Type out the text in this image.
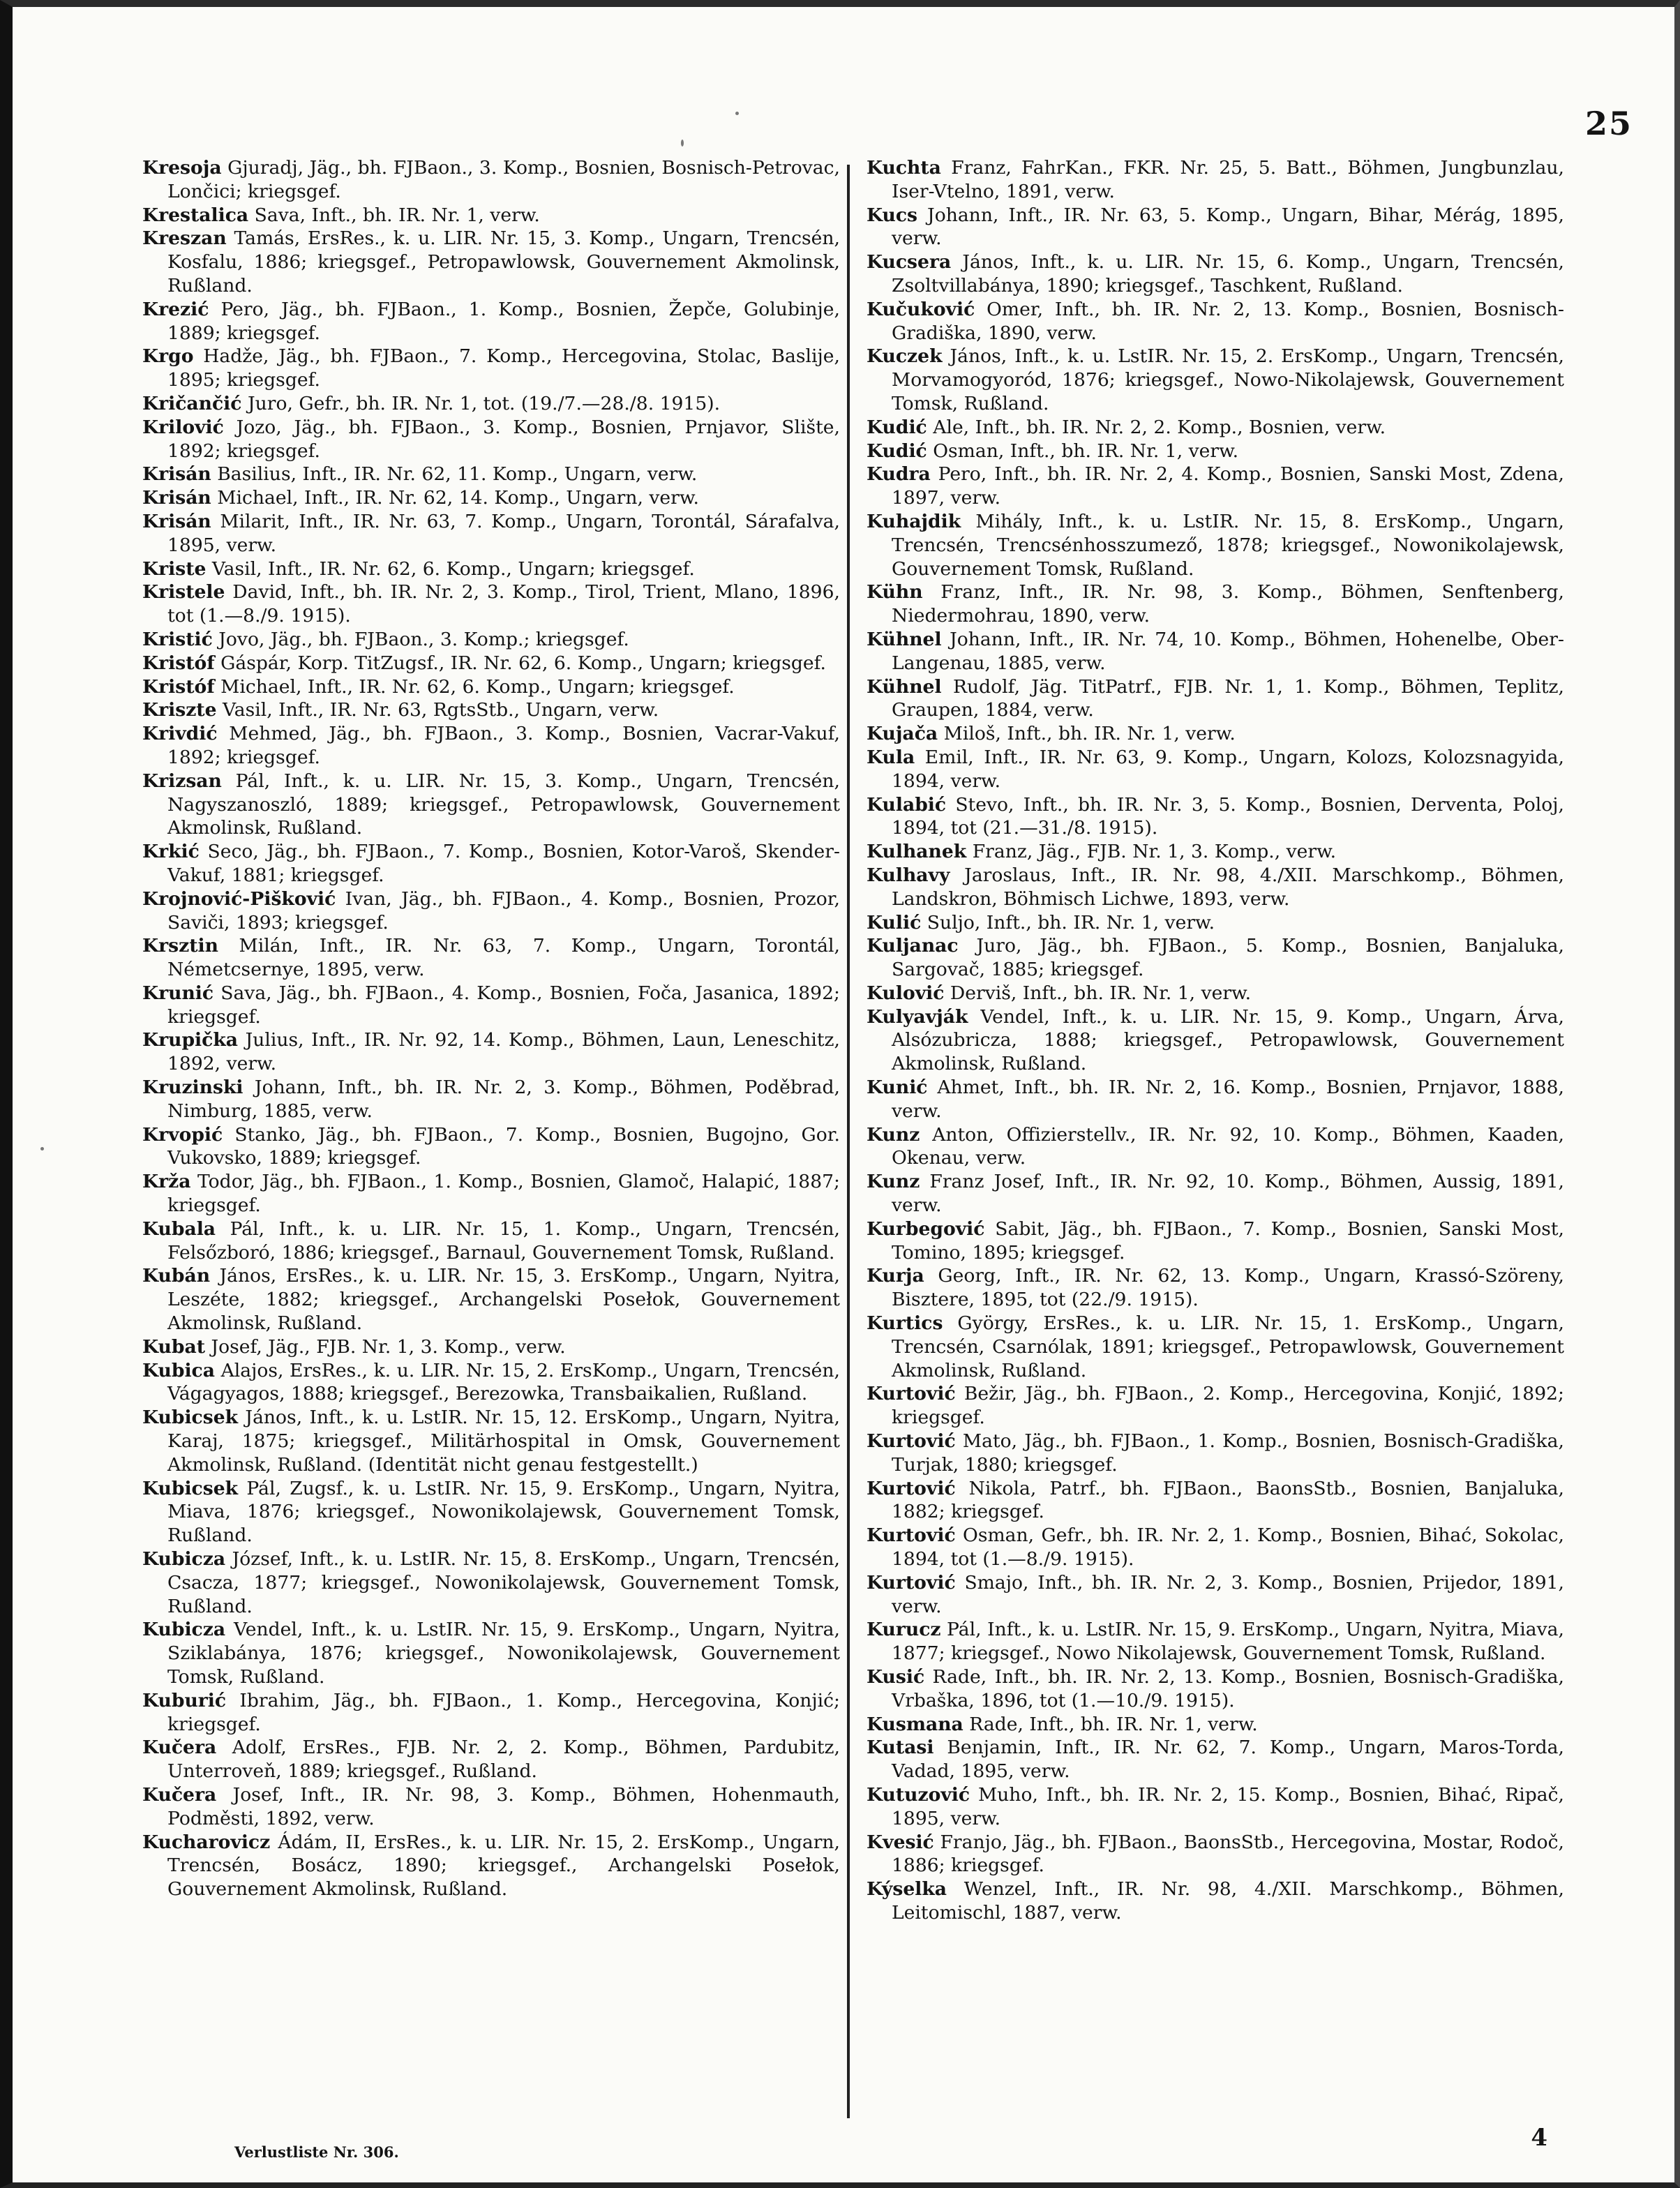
25

Kresoja Gjuradj, Jäg., bh. FJBaon., 3. Komp., Bosnien, Bosnisch-Petrovac, Lončici; kriegsgef.

Krestalica Sava, Inft., bh. IR. Nr. 1, verw.

Kreszan Tamás, ErsRes., k. u. LIR. Nr. 15, 3. Komp., Ungarn, Trencsén, Kosfalu, 1886; kriegsgef., Petropawlowsk, Gouvernement Akmolinsk, Rußland.

Krezić Pero, Jäg., bh. FJBaon., 1. Komp., Bosnien, Žepče, Golubinje, 1889; kriegsgef.

Krgo Hadže, Jäg., bh. FJBaon., 7. Komp., Hercegovina, Stolac, Baslije, 1895; kriegsgef.

Kričančić Juro, Gefr., bh. IR. Nr. 1, tot. (19./7.—28./8. 1915).

Krilović Jozo, Jäg., bh. FJBaon., 3. Komp., Bosnien, Prnjavor, Slište, 1892; kriegsgef.

Krisán Basilius, Inft., IR. Nr. 62, 11. Komp., Ungarn, verw.

Krisán Michael, Inft., IR. Nr. 62, 14. Komp., Ungarn, verw.

Krisán Milarit, Inft., IR. Nr. 63, 7. Komp., Ungarn, Torontál, Sárafalva, 1895, verw.

Kriste Vasil, Inft., IR. Nr. 62, 6. Komp., Ungarn; kriegsgef.

Kristele David, Inft., bh. IR. Nr. 2, 3. Komp., Tirol, Trient, Mlano, 1896, tot (1.—8./9. 1915).

Kristić Jovo, Jäg., bh. FJBaon., 3. Komp.; kriegsgef.

Kristóf Gáspár, Korp. TitZugsf., IR. Nr. 62, 6. Komp., Ungarn; kriegsgef.

Kristóf Michael, Inft., IR. Nr. 62, 6. Komp., Ungarn; kriegsgef.

Kriszte Vasil, Inft., IR. Nr. 63, RgtsStb., Ungarn, verw.

Krivdić Mehmed, Jäg., bh. FJBaon., 3. Komp., Bosnien, Vacrar-Vakuf, 1892; kriegsgef.

Krizsan Pál, Inft., k. u. LIR. Nr. 15, 3. Komp., Ungarn, Trencsén, Nagyszanoszló, 1889; kriegsgef., Petropawlowsk, Gouvernement Akmolinsk, Rußland.

Krkić Seco, Jäg., bh. FJBaon., 7. Komp., Bosnien, Kotor-Varoš, Skender-Vakuf, 1881; kriegsgef.

Krojnović-Pišković Ivan, Jäg., bh. FJBaon., 4. Komp., Bosnien, Prozor, Saviči, 1893; kriegsgef.

Krsztin Milán, Inft., IR. Nr. 63, 7. Komp., Ungarn, Torontál, Németcsernye, 1895, verw.

Krunić Sava, Jäg., bh. FJBaon., 4. Komp., Bosnien, Foča, Jasanica, 1892; kriegsgef.

Krupička Julius, Inft., IR. Nr. 92, 14. Komp., Böhmen, Laun, Leneschitz, 1892, verw.

Kruzinski Johann, Inft., bh. IR. Nr. 2, 3. Komp., Böhmen, Poděbrad, Nimburg, 1885, verw.

Krvopić Stanko, Jäg., bh. FJBaon., 7. Komp., Bosnien, Bugojno, Gor. Vukovsko, 1889; kriegsgef.

Krža Todor, Jäg., bh. FJBaon., 1. Komp., Bosnien, Glamoč, Halapić, 1887; kriegsgef.

Kubala Pál, Inft., k. u. LIR. Nr. 15, 1. Komp., Ungarn, Trencsén, Felsőzboró, 1886; kriegsgef., Barnaul, Gouvernement Tomsk, Rußland.

Kubán János, ErsRes., k. u. LIR. Nr. 15, 3. ErsKomp., Ungarn, Nyitra, Leszéte, 1882; kriegsgef., Archangelski Posełok, Gouvernement Akmolinsk, Rußland.

Kubat Josef, Jäg., FJB. Nr. 1, 3. Komp., verw.

Kubica Alajos, ErsRes., k. u. LIR. Nr. 15, 2. ErsKomp., Ungarn, Trencsén, Vágagyagos, 1888; kriegsgef., Berezowka, Transbaikalien, Rußland.

Kubicsek János, Inft., k. u. LstIR. Nr. 15, 12. ErsKomp., Ungarn, Nyitra, Karaj, 1875; kriegsgef., Militärhospital in Omsk, Gouvernement Akmolinsk, Rußland. (Identität nicht genau festgestellt.)

Kubicsek Pál, Zugsf., k. u. LstIR. Nr. 15, 9. ErsKomp., Ungarn, Nyitra, Miava, 1876; kriegsgef., Nowonikolajewsk, Gouvernement Tomsk, Rußland.

Kubicza József, Inft., k. u. LstIR. Nr. 15, 8. ErsKomp., Ungarn, Trencsén, Csacza, 1877; kriegsgef., Nowonikolajewsk, Gouvernement Tomsk, Rußland.

Kubicza Vendel, Inft., k. u. LstIR. Nr. 15, 9. ErsKomp., Ungarn, Nyitra, Sziklabánya, 1876; kriegsgef., Nowonikolajewsk, Gouvernement Tomsk, Rußland.

Kuburić Ibrahim, Jäg., bh. FJBaon., 1. Komp., Hercegovina, Konjić; kriegsgef.

Kučera Adolf, ErsRes., FJB. Nr. 2, 2. Komp., Böhmen, Pardubitz, Unterroveň, 1889; kriegsgef., Rußland.

Kučera Josef, Inft., IR. Nr. 98, 3. Komp., Böhmen, Hohenmauth, Podměsti, 1892, verw.

Kucharovicz Ádám, II, ErsRes., k. u. LIR. Nr. 15, 2. ErsKomp., Ungarn, Trencsén, Bosácz, 1890; kriegsgef., Archangelski Posełok, Gouvernement Akmolinsk, Rußland.

Kuchta Franz, FahrKan., FKR. Nr. 25, 5. Batt., Böhmen, Jungbunzlau, Iser-Vtelno, 1891, verw.

Kucs Johann, Inft., IR. Nr. 63, 5. Komp., Ungarn, Bihar, Mérág, 1895, verw.

Kucsera János, Inft., k. u. LIR. Nr. 15, 6. Komp., Ungarn, Trencsén, Zsoltvillabánya, 1890; kriegsgef., Taschkent, Rußland.

Kučuković Omer, Inft., bh. IR. Nr. 2, 13. Komp., Bosnien, Bosnisch-Gradiška, 1890, verw.

Kuczek János, Inft., k. u. LstIR. Nr. 15, 2. ErsKomp., Ungarn, Trencsén, Morvamogyoród, 1876; kriegsgef., Nowo-Nikolajewsk, Gouvernement Tomsk, Rußland.

Kudić Ale, Inft., bh. IR. Nr. 2, 2. Komp., Bosnien, verw.

Kudić Osman, Inft., bh. IR. Nr. 1, verw.

Kudra Pero, Inft., bh. IR. Nr. 2, 4. Komp., Bosnien, Sanski Most, Zdena, 1897, verw.

Kuhajdik Mihály, Inft., k. u. LstIR. Nr. 15, 8. ErsKomp., Ungarn, Trencsén, Trencsénhosszumező, 1878; kriegsgef., Nowonikolajewsk, Gouvernement Tomsk, Rußland.

Kühn Franz, Inft., IR. Nr. 98, 3. Komp., Böhmen, Senftenberg, Niedermohrau, 1890, verw.

Kühnel Johann, Inft., IR. Nr. 74, 10. Komp., Böhmen, Hohenelbe, Ober-Langenau, 1885, verw.

Kühnel Rudolf, Jäg. TitPatrf., FJB. Nr. 1, 1. Komp., Böhmen, Teplitz, Graupen, 1884, verw.

Kujača Miloš, Inft., bh. IR. Nr. 1, verw.

Kula Emil, Inft., IR. Nr. 63, 9. Komp., Ungarn, Kolozs, Kolozsnagyida, 1894, verw.

Kulabić Stevo, Inft., bh. IR. Nr. 3, 5. Komp., Bosnien, Derventa, Poloj, 1894, tot (21.—31./8. 1915).

Kulhanek Franz, Jäg., FJB. Nr. 1, 3. Komp., verw.

Kulhavy Jaroslaus, Inft., IR. Nr. 98, 4./XII. Marschkomp., Böhmen, Landskron, Böhmisch Lichwe, 1893, verw.

Kulić Suljo, Inft., bh. IR. Nr. 1, verw.

Kuljanac Juro, Jäg., bh. FJBaon., 5. Komp., Bosnien, Banjaluka, Sargovač, 1885; kriegsgef.

Kulović Derviš, Inft., bh. IR. Nr. 1, verw.

Kulyavják Vendel, Inft., k. u. LIR. Nr. 15, 9. Komp., Ungarn, Árva, Alsózubricza, 1888; kriegsgef., Petropawlowsk, Gouvernement Akmolinsk, Rußland.

Kunić Ahmet, Inft., bh. IR. Nr. 2, 16. Komp., Bosnien, Prnjavor, 1888, verw.

Kunz Anton, Offizierstellv., IR. Nr. 92, 10. Komp., Böhmen, Kaaden, Okenau, verw.

Kunz Franz Josef, Inft., IR. Nr. 92, 10. Komp., Böhmen, Aussig, 1891, verw.

Kurbegović Sabit, Jäg., bh. FJBaon., 7. Komp., Bosnien, Sanski Most, Tomino, 1895; kriegsgef.

Kurja Georg, Inft., IR. Nr. 62, 13. Komp., Ungarn, Krassó-Szöreny, Bisztere, 1895, tot (22./9. 1915).

Kurtics György, ErsRes., k. u. LIR. Nr. 15, 1. ErsKomp., Ungarn, Trencsén, Csarnólak, 1891; kriegsgef., Petropawlowsk, Gouvernement Akmolinsk, Rußland.

Kurtović Bežir, Jäg., bh. FJBaon., 2. Komp., Hercegovina, Konjić, 1892; kriegsgef.

Kurtović Mato, Jäg., bh. FJBaon., 1. Komp., Bosnien, Bosnisch-Gradiška, Turjak, 1880; kriegsgef.

Kurtović Nikola, Patrf., bh. FJBaon., BaonsStb., Bosnien, Banjaluka, 1882; kriegsgef.

Kurtović Osman, Gefr., bh. IR. Nr. 2, 1. Komp., Bosnien, Bihać, Sokolac, 1894, tot (1.—8./9. 1915).

Kurtović Smajo, Inft., bh. IR. Nr. 2, 3. Komp., Bosnien, Prijedor, 1891, verw.

Kurucz Pál, Inft., k. u. LstIR. Nr. 15, 9. ErsKomp., Ungarn, Nyitra, Miava, 1877; kriegsgef., Nowo Nikolajewsk, Gouvernement Tomsk, Rußland.

Kusić Rade, Inft., bh. IR. Nr. 2, 13. Komp., Bosnien, Bosnisch-Gradiška, Vrbaška, 1896, tot (1.—10./9. 1915).

Kusmana Rade, Inft., bh. IR. Nr. 1, verw.

Kutasi Benjamin, Inft., IR. Nr. 62, 7. Komp., Ungarn, Maros-Torda, Vadad, 1895, verw.

Kutuzović Muho, Inft., bh. IR. Nr. 2, 15. Komp., Bosnien, Bihać, Ripač, 1895, verw.

Kvesić Franjo, Jäg., bh. FJBaon., BaonsStb., Hercegovina, Mostar, Rodoč, 1886; kriegsgef.

Kýselka Wenzel, Inft., IR. Nr. 98, 4./XII. Marschkomp., Böhmen, Leitomischl, 1887, verw.

Verlustliste Nr. 306.
4
